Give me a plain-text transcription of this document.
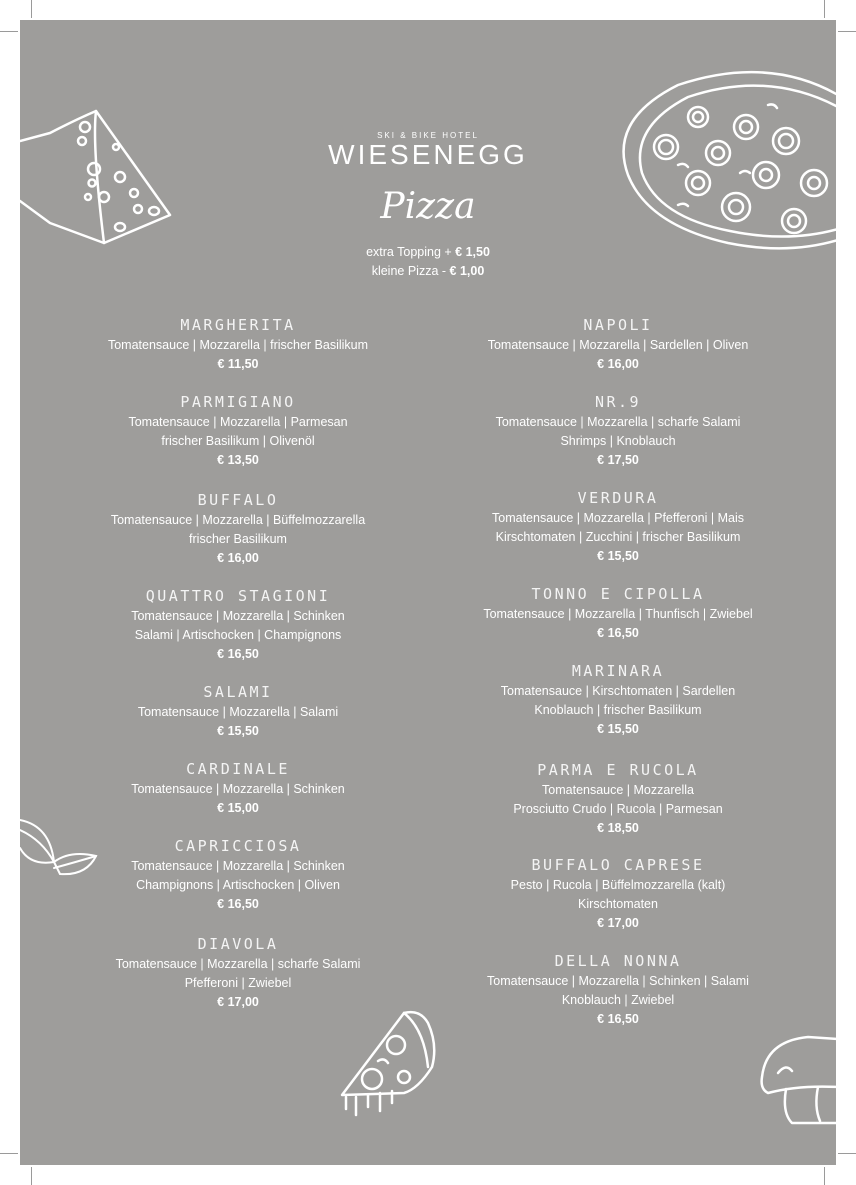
SKI & BIKE HOTEL
WIESENEGG
Pizza
extra Topping + € 1,50
kleine Pizza - € 1,00
MARGHERITA
Tomatensauce | Mozzarella | frischer Basilikum
€ 11,50
PARMIGIANO
Tomatensauce | Mozzarella | Parmesan
frischer Basilikum | Olivenöl
€ 13,50
BUFFALO
Tomatensauce | Mozzarella | Büffelmozzarella
frischer Basilikum
€ 16,00
QUATTRO STAGIONI
Tomatensauce | Mozzarella | Schinken
Salami | Artischocken | Champignons
€ 16,50
SALAMI
Tomatensauce | Mozzarella | Salami
€ 15,50
CARDINALE
Tomatensauce | Mozzarella | Schinken
€ 15,00
CAPRICCIOSA
Tomatensauce | Mozzarella | Schinken
Champignons | Artischocken | Oliven
€ 16,50
DIAVOLA
Tomatensauce | Mozzarella | scharfe Salami
Pfefferoni | Zwiebel
€ 17,00
NAPOLI
Tomatensauce | Mozzarella | Sardellen | Oliven
€ 16,00
NR.9
Tomatensauce | Mozzarella | scharfe Salami
Shrimps | Knoblauch
€ 17,50
VERDURA
Tomatensauce | Mozzarella | Pfefferoni | Mais
Kirschtomaten | Zucchini | frischer Basilikum
€ 15,50
TONNO E CIPOLLA
Tomatensauce | Mozzarella | Thunfisch | Zwiebel
€ 16,50
MARINARA
Tomatensauce | Kirschtomaten | Sardellen
Knoblauch | frischer Basilikum
€ 15,50
PARMA E RUCOLA
Tomatensauce | Mozzarella
Prosciutto Crudo | Rucola | Parmesan
€ 18,50
BUFFALO CAPRESE
Pesto | Rucola | Büffelmozzarella (kalt)
Kirschtomaten
€ 17,00
DELLA NONNA
Tomatensauce | Mozzarella | Schinken | Salami
Knoblauch | Zwiebel
€ 16,50
